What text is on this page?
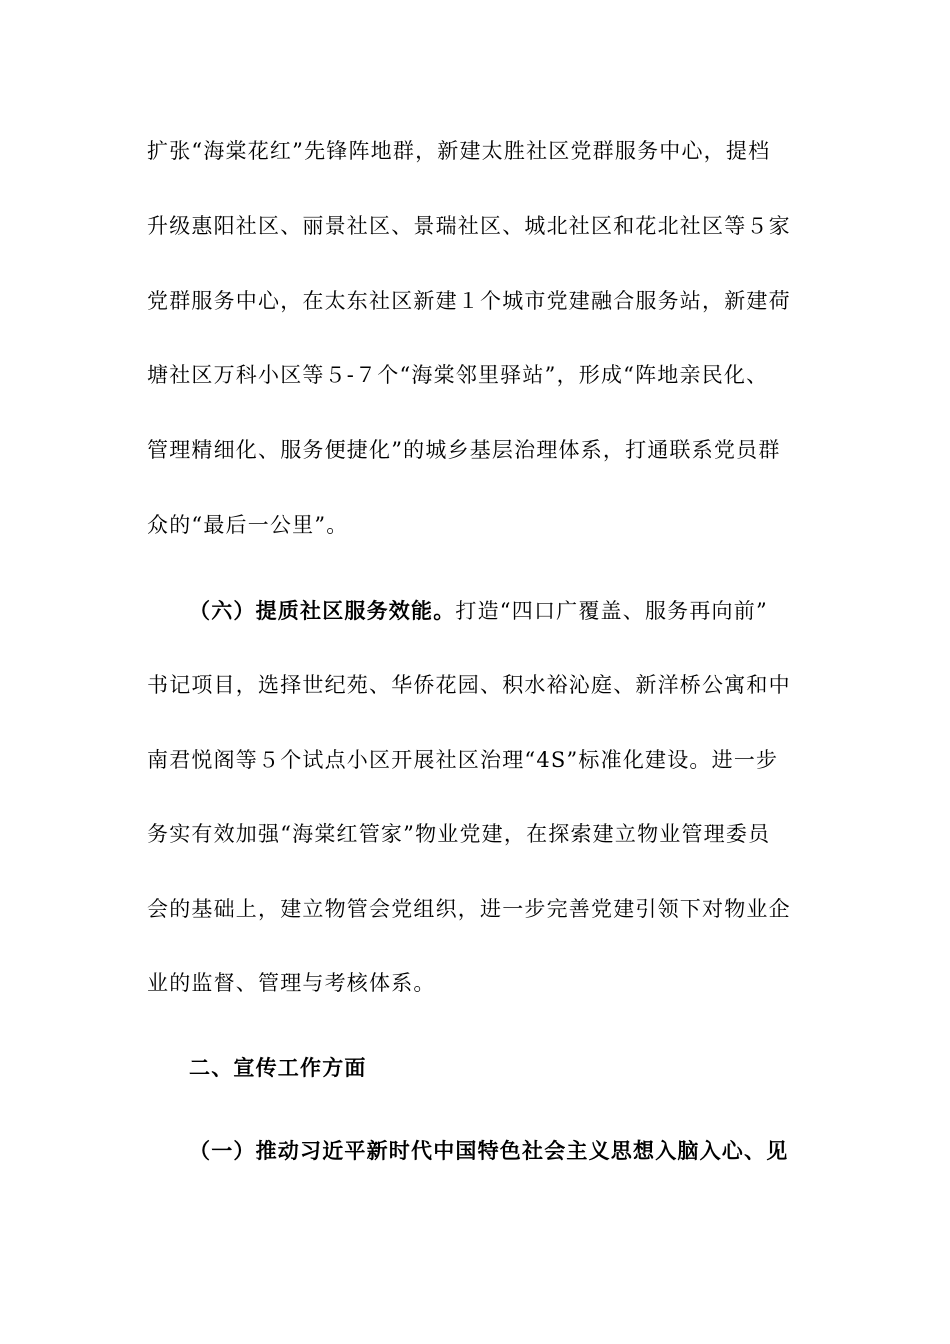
扩张“海棠花红”先锋阵地群，新建太胜社区党群服务中心，提档
升级惠阳社区、丽景社区、景瑞社区、城北社区和花北社区等５家
党群服务中心，在太东社区新建１个城市党建融合服务站，新建荷
塘社区万科小区等５-７个“海棠邻里驿站”，形成“阵地亲民化、
管理精细化、服务便捷化”的城乡基层治理体系，打通联系党员群
众的“最后一公里”。
（六）提质社区服务效能。打造“四口广覆盖、服务再向前”
书记项目，选择世纪苑、华侨花园、积水裕沁庭、新洋桥公寓和中
南君悦阁等５个试点小区开展社区治理“4S”标准化建设。进一步
务实有效加强“海棠红管家”物业党建，在探索建立物业管理委员
会的基础上，建立物管会党组织，进一步完善党建引领下对物业企
业的监督、管理与考核体系。
二、宣传工作方面
（一）推动习近平新时代中国特色社会主义思想入脑入心、见
